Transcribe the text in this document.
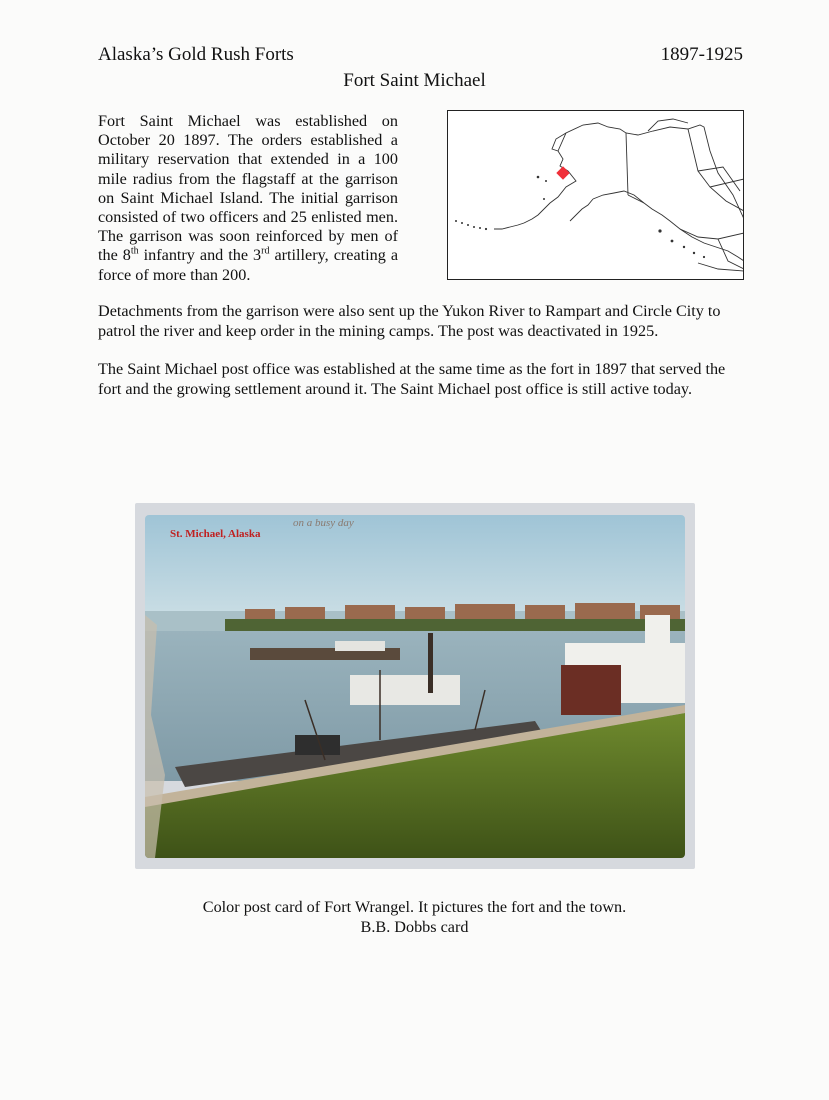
Alaska’s Gold Rush Forts	1897-1925
Fort Saint Michael
Fort Saint Michael was established on October 20 1897. The orders established a military reservation that extended in a 100 mile radius from the flagstaff at the garrison on Saint Michael Island. The initial garrison consisted of two officers and 25 enlisted men. The garrison was soon reinforced by men of the 8th infantry and the 3rd artillery, creating a force of more than 200.
Detachments from the garrison were also sent up the Yukon River to Rampart and Circle City to patrol the river and keep order in the mining camps. The post was deactivated in 1925.
The Saint Michael post office was established at the same time as the fort in 1897 that served the fort and the growing settlement around it. The Saint Michael post office is still active today.
St. Michael, Alaska
on a busy day
Color post card of Fort Wrangel. It pictures the fort and the town.
B.B. Dobbs card
